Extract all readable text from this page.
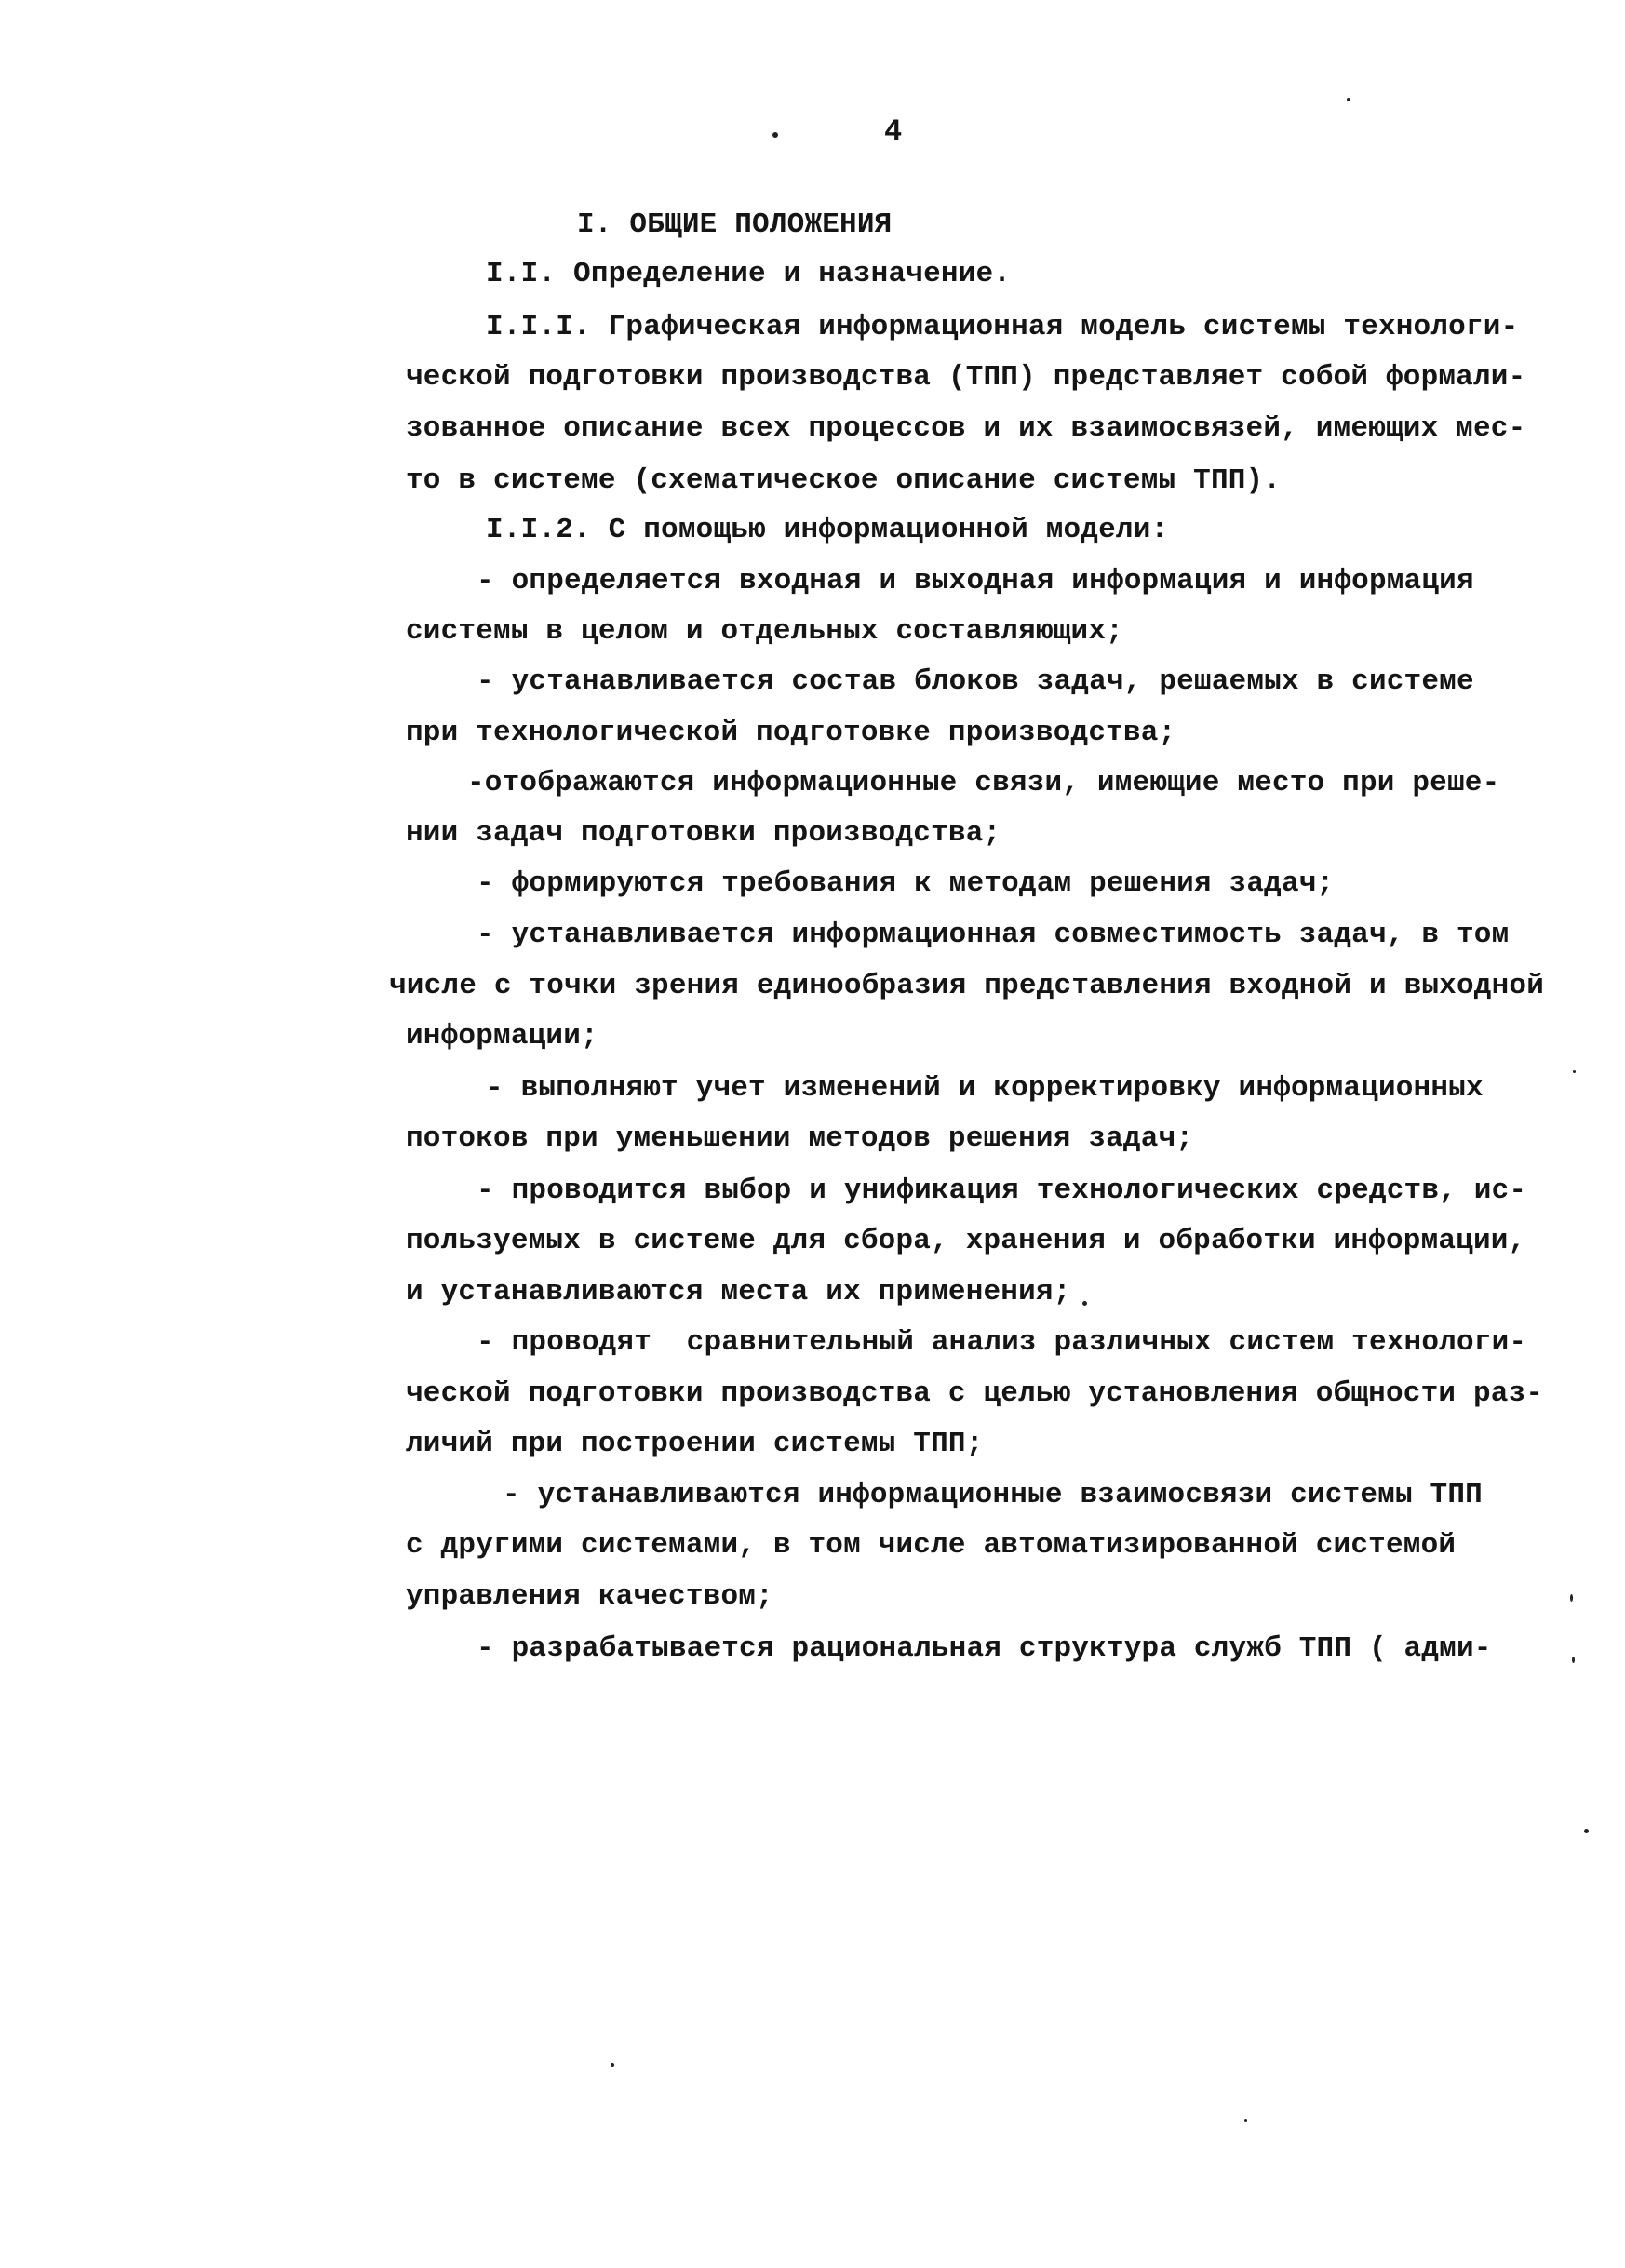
4
I. ОБЩИЕ ПОЛОЖЕНИЯ
I.I. Определение и назначение.
I.I.I. Графическая информационная модель системы технологи-
ческой подготовки производства (ТПП) представляет собой формали-
зованное описание всех процессов и их взаимосвязей, имеющих мес-
то в системе (схематическое описание системы ТПП).
I.I.2. С помощью информационной модели:
- определяется входная и выходная информация и информация
системы в целом и отдельных составляющих;
- устанавливается состав блоков задач, решаемых в системе
при технологической подготовке производства;
-отображаются информационные связи, имеющие место при реше-
нии задач подготовки производства;
- формируются требования к методам решения задач;
- устанавливается информационная совместимость задач, в том
числе с точки зрения единообразия представления входной и выходной
информации;
- выполняют учет изменений и корректировку информационных
потоков при уменьшении методов решения задач;
- проводится выбор и унификация технологических средств, ис-
пользуемых в системе для сбора, хранения и обработки информации,
и устанавливаются места их применения;
- проводят  сравнительный анализ различных систем технологи-
ческой подготовки производства с целью установления общности раз-
личий при построении системы ТПП;
- устанавливаются информационные взаимосвязи системы ТПП
с другими системами, в том числе автоматизированной системой
управления качеством;
- разрабатывается рациональная структура служб ТПП ( адми-
